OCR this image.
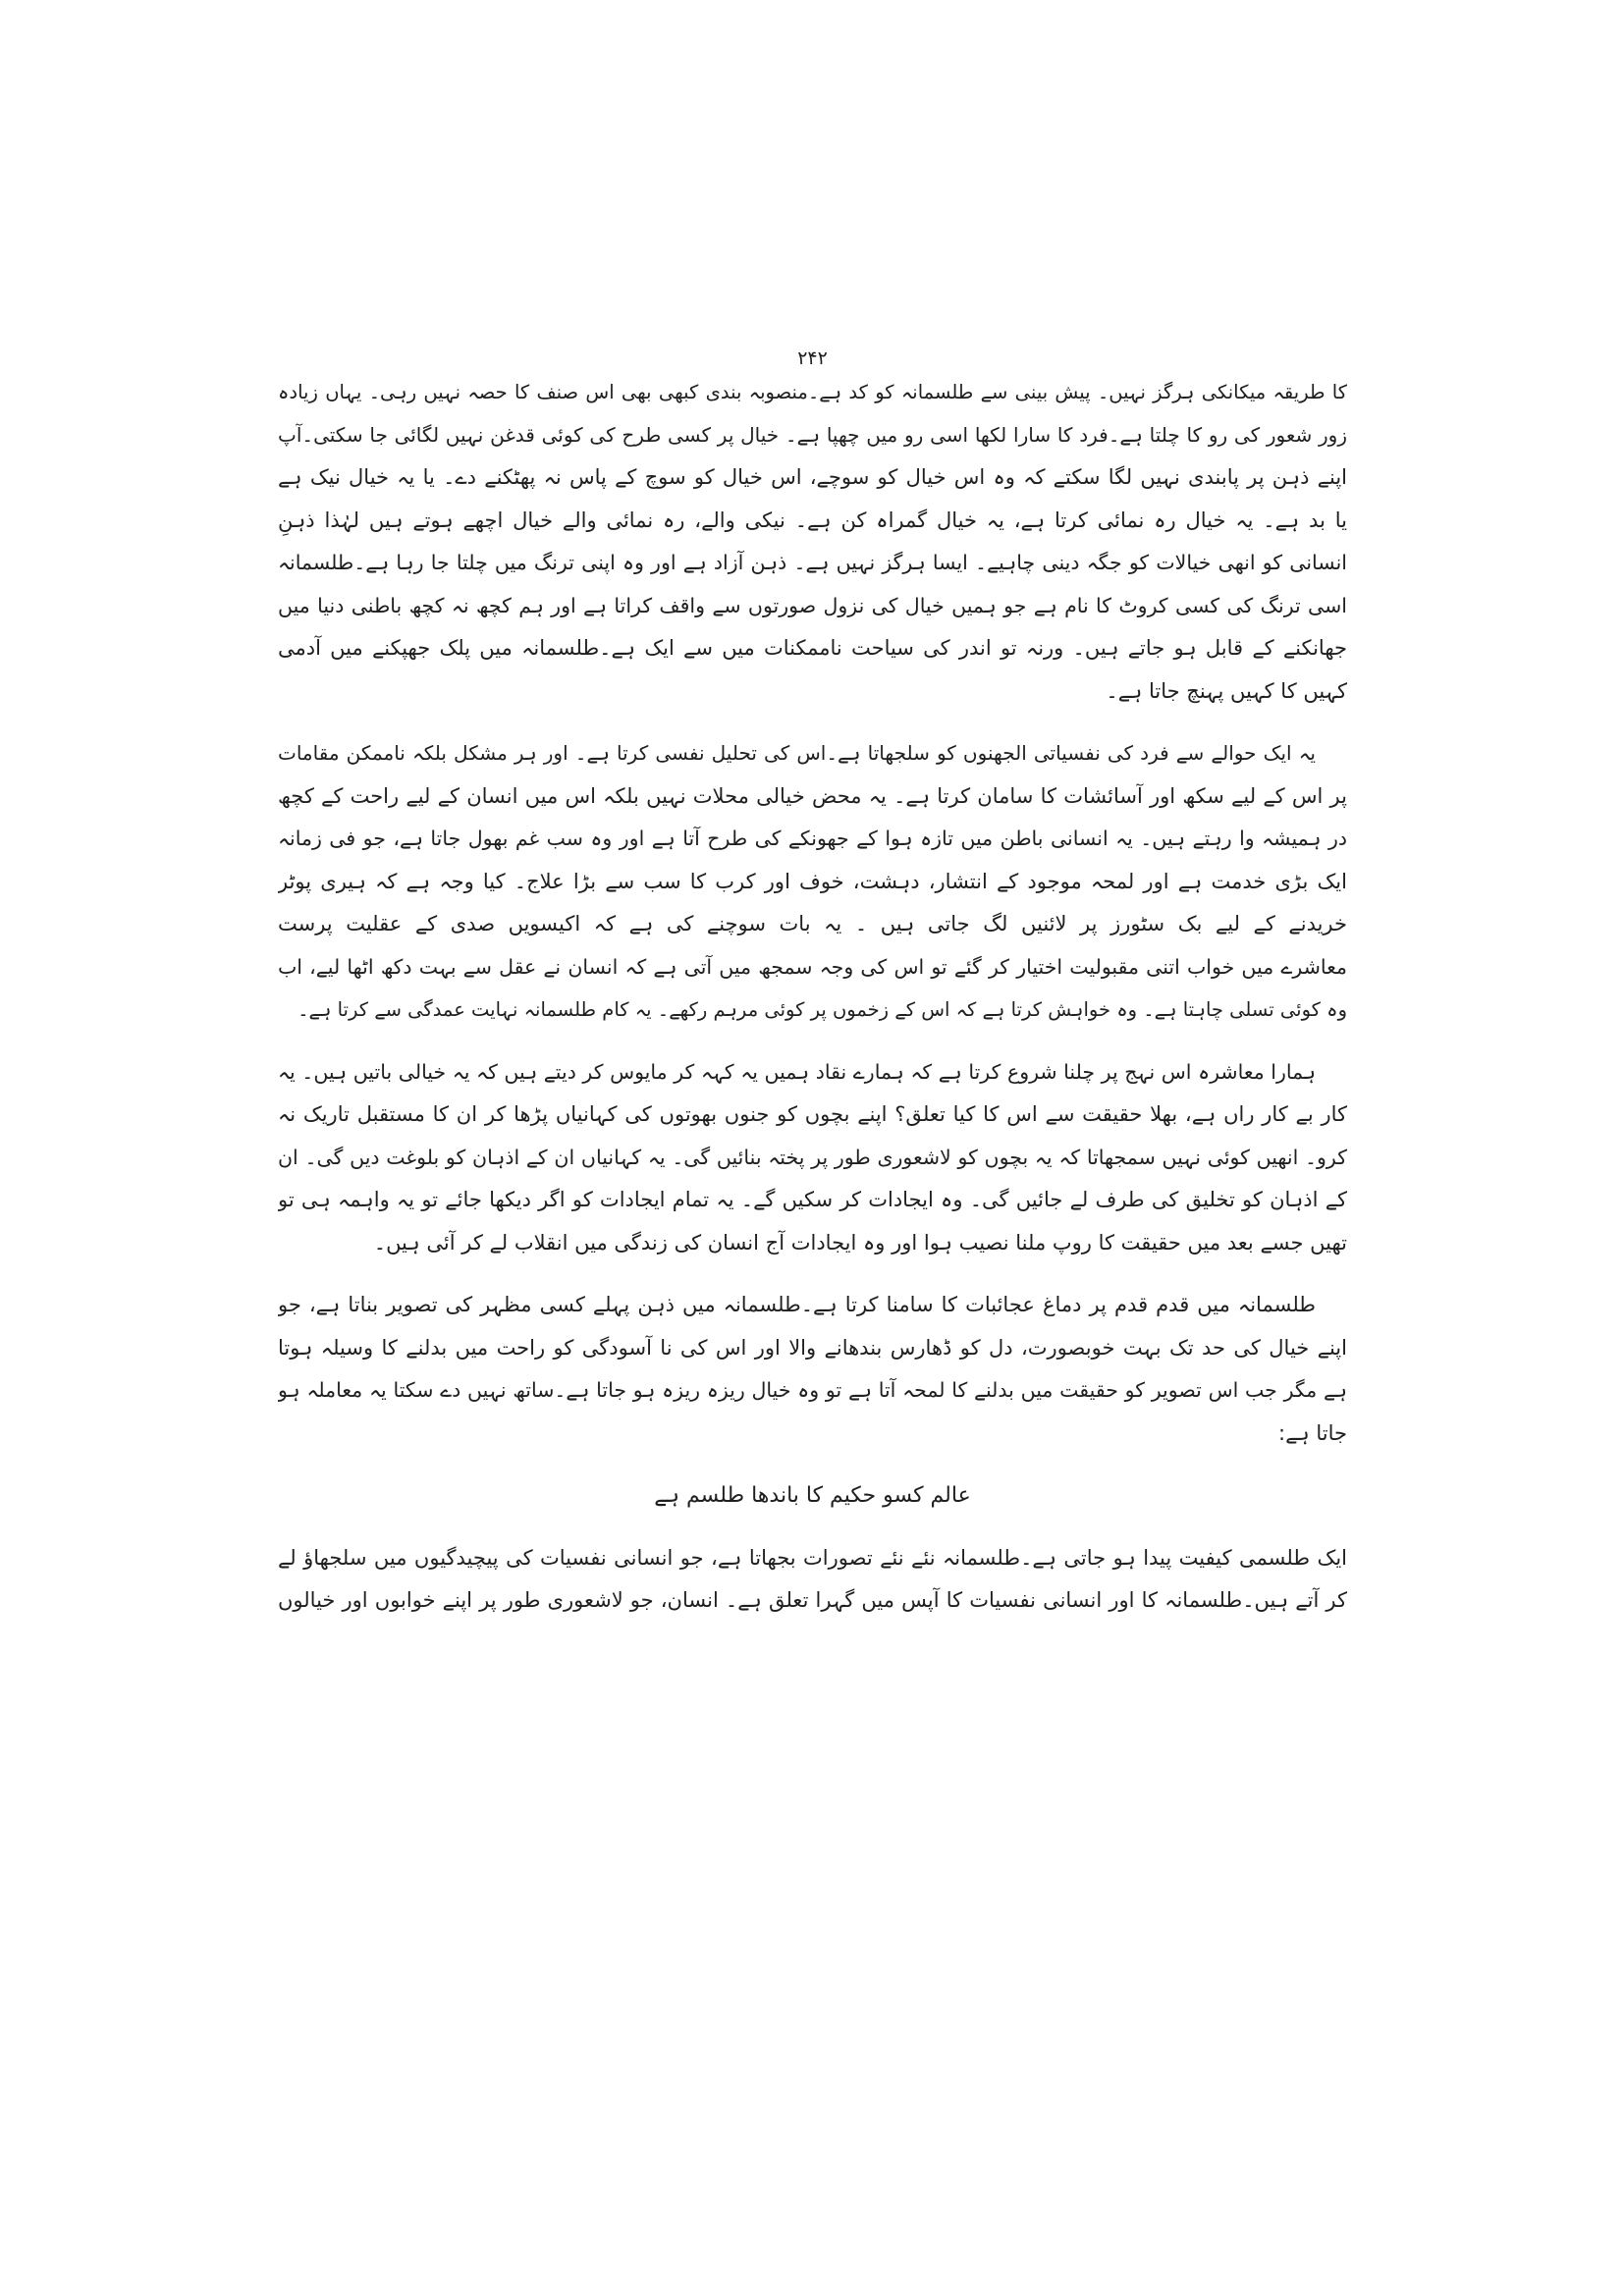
۲۴۲
کا طریقہ میکانکی ہرگز نہیں۔ پیش بینی سے طلسمانہ کو کد ہے۔منصوبہ بندی کبھی بھی اس صنف کا حصہ نہیں رہی۔ یہاں زیادہ
زور شعور کی رو کا چلتا ہے۔فرد کا سارا لکھا اسی رو میں چھپا ہے۔ خیال پر کسی طرح کی کوئی قدغن نہیں لگائی جا سکتی۔آپ
اپنے ذہن پر پابندی نہیں لگا سکتے کہ وہ اس خیال کو سوچے، اس خیال کو سوچ کے پاس نہ پھٹکنے دے۔ یا یہ خیال نیک ہے
یا بد ہے۔ یہ خیال رہ نمائی کرتا ہے، یہ خیال گمراہ کن ہے۔ نیکی والے، رہ نمائی والے خیال اچھے ہوتے ہیں لہٰذا ذہنِ
انسانی کو انھی خیالات کو جگہ دینی چاہیے۔ ایسا ہرگز نہیں ہے۔ ذہن آزاد ہے اور وہ اپنی ترنگ میں چلتا جا رہا ہے۔طلسمانہ
اسی ترنگ کی کسی کروٹ کا نام ہے جو ہمیں خیال کی نزول صورتوں سے واقف کراتا ہے اور ہم کچھ نہ کچھ باطنی دنیا میں
جھانکنے کے قابل ہو جاتے ہیں۔ ورنہ تو اندر کی سیاحت ناممکنات میں سے ایک ہے۔طلسمانہ میں پلک جھپکنے میں آدمی
کہیں کا کہیں پہنچ جاتا ہے۔
یہ ایک حوالے سے فرد کی نفسیاتی الجھنوں کو سلجھاتا ہے۔اس کی تحلیل نفسی کرتا ہے۔ اور ہر مشکل بلکہ ناممکن مقامات
پر اس کے لیے سکھ اور آسائشات کا سامان کرتا ہے۔ یہ محض خیالی محلات نہیں بلکہ اس میں انسان کے لیے راحت کے کچھ
در ہمیشہ وا رہتے ہیں۔ یہ انسانی باطن میں تازہ ہوا کے جھونکے کی طرح آتا ہے اور وہ سب غم بھول جاتا ہے، جو فی زمانہ
ایک بڑی خدمت ہے اور لمحہ موجود کے انتشار، دہشت، خوف اور کرب کا سب سے بڑا علاج۔ کیا وجہ ہے کہ ہیری پوٹر
خریدنے کے لیے بک سٹورز پر لائنیں لگ جاتی ہیں ۔ یہ بات سوچنے کی ہے کہ اکیسویں صدی کے عقلیت پرست
معاشرے میں خواب اتنی مقبولیت اختیار کر گئے تو اس کی وجہ سمجھ میں آتی ہے کہ انسان نے عقل سے بہت دکھ اٹھا لیے، اب
وہ کوئی تسلی چاہتا ہے۔ وہ خواہش کرتا ہے کہ اس کے زخموں پر کوئی مرہم رکھے۔ یہ کام طلسمانہ نہایت عمدگی سے کرتا ہے۔
ہمارا معاشرہ اس نہج پر چلنا شروع کرتا ہے کہ ہمارے نقاد ہمیں یہ کہہ کر مایوس کر دیتے ہیں کہ یہ خیالی باتیں ہیں۔ یہ
کار بے کار راں ہے، بھلا حقیقت سے اس کا کیا تعلق؟ اپنے بچوں کو جنوں بھوتوں کی کہانیاں پڑھا کر ان کا مستقبل تاریک نہ
کرو۔ انھیں کوئی نہیں سمجھاتا کہ یہ بچوں کو لاشعوری طور پر پختہ بنائیں گی۔ یہ کہانیاں ان کے اذہان کو بلوغت دیں گی۔ ان
کے اذہان کو تخلیق کی طرف لے جائیں گی۔ وہ ایجادات کر سکیں گے۔ یہ تمام ایجادات کو اگر دیکھا جائے تو یہ واہمہ ہی تو
تھیں جسے بعد میں حقیقت کا روپ ملنا نصیب ہوا اور وہ ایجادات آج انسان کی زندگی میں انقلاب لے کر آئی ہیں۔
طلسمانہ میں قدم قدم پر دماغ عجائبات کا سامنا کرتا ہے۔طلسمانہ میں ذہن پہلے کسی مظہر کی تصویر بناتا ہے، جو
اپنے خیال کی حد تک بہت خوبصورت، دل کو ڈھارس بندھانے والا اور اس کی نا آسودگی کو راحت میں بدلنے کا وسیلہ ہوتا
ہے مگر جب اس تصویر کو حقیقت میں بدلنے کا لمحہ آتا ہے تو وہ خیال ریزہ ریزہ ہو جاتا ہے۔ساتھ نہیں دے سکتا یہ معاملہ ہو
جاتا ہے:
عالم کسو حکیم کا باندھا طلسم ہے
ایک طلسمی کیفیت پیدا ہو جاتی ہے۔طلسمانہ نئے نئے تصورات بجھاتا ہے، جو انسانی نفسیات کی پیچیدگیوں میں سلجھاؤ لے
کر آتے ہیں۔طلسمانہ کا اور انسانی نفسیات کا آپس میں گہرا تعلق ہے۔ انسان، جو لاشعوری طور پر اپنے خوابوں اور خیالوں
